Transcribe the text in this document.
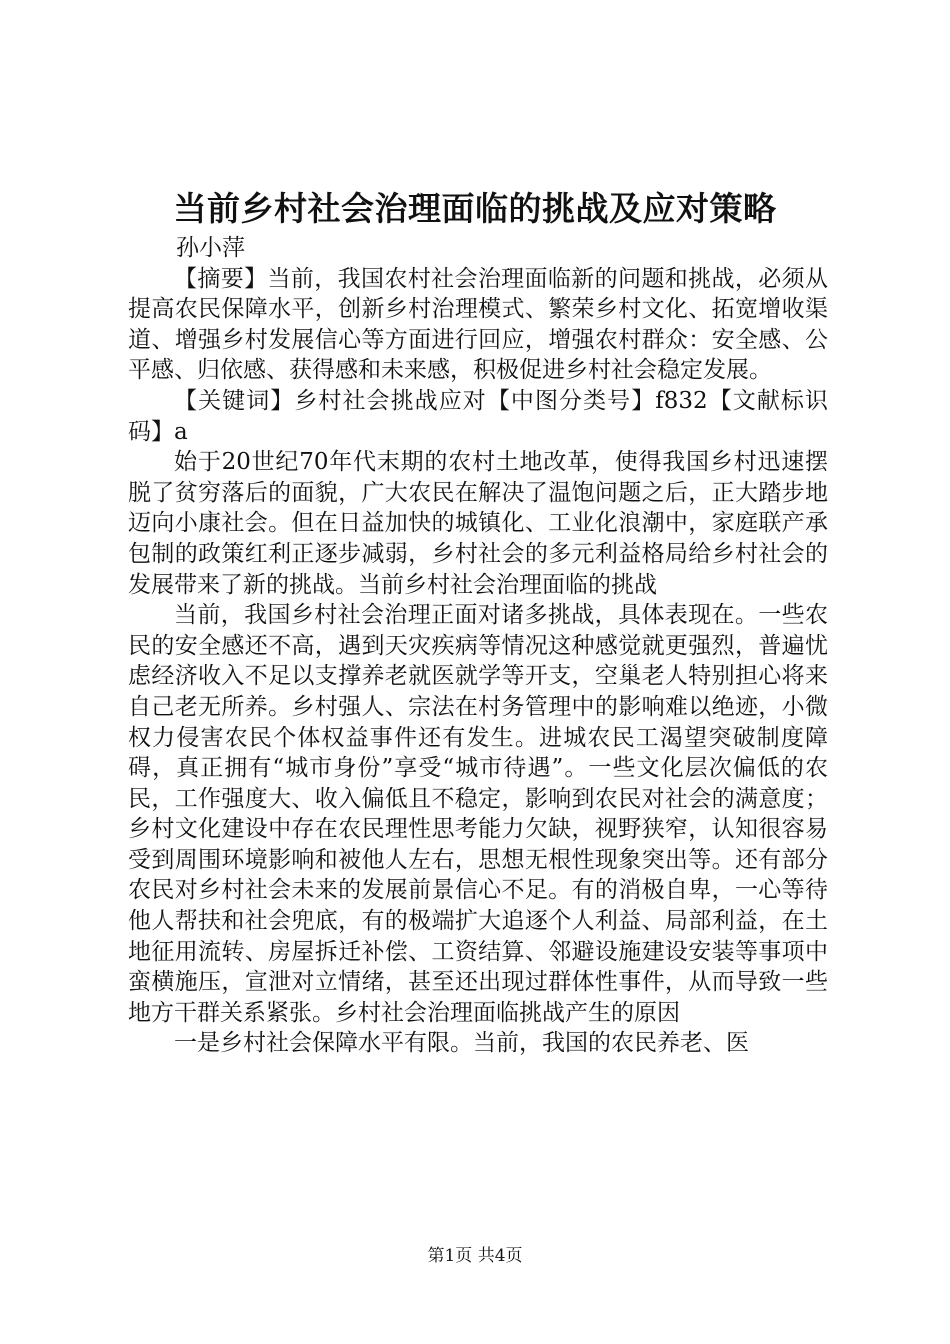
当前乡村社会治理面临的挑战及应对策略

孙小萍

【摘要】当前，我国农村社会治理面临新的问题和挑战，必须从提高农民保障水平，创新乡村治理模式、繁荣乡村文化、拓宽增收渠道、增强乡村发展信心等方面进行回应，增强农村群众：安全感、公平感、归依感、获得感和未来感，积极促进乡村社会稳定发展。

【关键词】乡村社会挑战应对【中图分类号】f832【文献标识码】a

始于20世纪70年代末期的农村土地改革，使得我国乡村迅速摆脱了贫穷落后的面貌，广大农民在解决了温饱问题之后，正大踏步地迈向小康社会。但在日益加快的城镇化、工业化浪潮中，家庭联产承包制的政策红利正逐步减弱，乡村社会的多元利益格局给乡村社会的发展带来了新的挑战。当前乡村社会治理面临的挑战

当前，我国乡村社会治理正面对诸多挑战，具体表现在。一些农民的安全感还不高，遇到天灾疾病等情况这种感觉就更强烈，普遍忧虑经济收入不足以支撑养老就医就学等开支，空巢老人特别担心将来自己老无所养。乡村强人、宗法在村务管理中的影响难以绝迹，小微权力侵害农民个体权益事件还有发生。进城农民工渴望突破制度障碍，真正拥有“城市身份”享受“城市待遇”。一些文化层次偏低的农民，工作强度大、收入偏低且不稳定，影响到农民对社会的满意度；乡村文化建设中存在农民理性思考能力欠缺，视野狭窄，认知很容易受到周围环境影响和被他人左右，思想无根性现象突出等。还有部分农民对乡村社会未来的发展前景信心不足。有的消极自卑，一心等待他人帮扶和社会兜底，有的极端扩大追逐个人利益、局部利益，在土地征用流转、房屋拆迁补偿、工资结算、邻避设施建设安装等事项中蛮横施压，宣泄对立情绪，甚至还出现过群体性事件，从而导致一些地方干群关系紧张。乡村社会治理面临挑战产生的原因

一是乡村社会保障水平有限。当前，我国的农民养老、医

第1页 共4页
